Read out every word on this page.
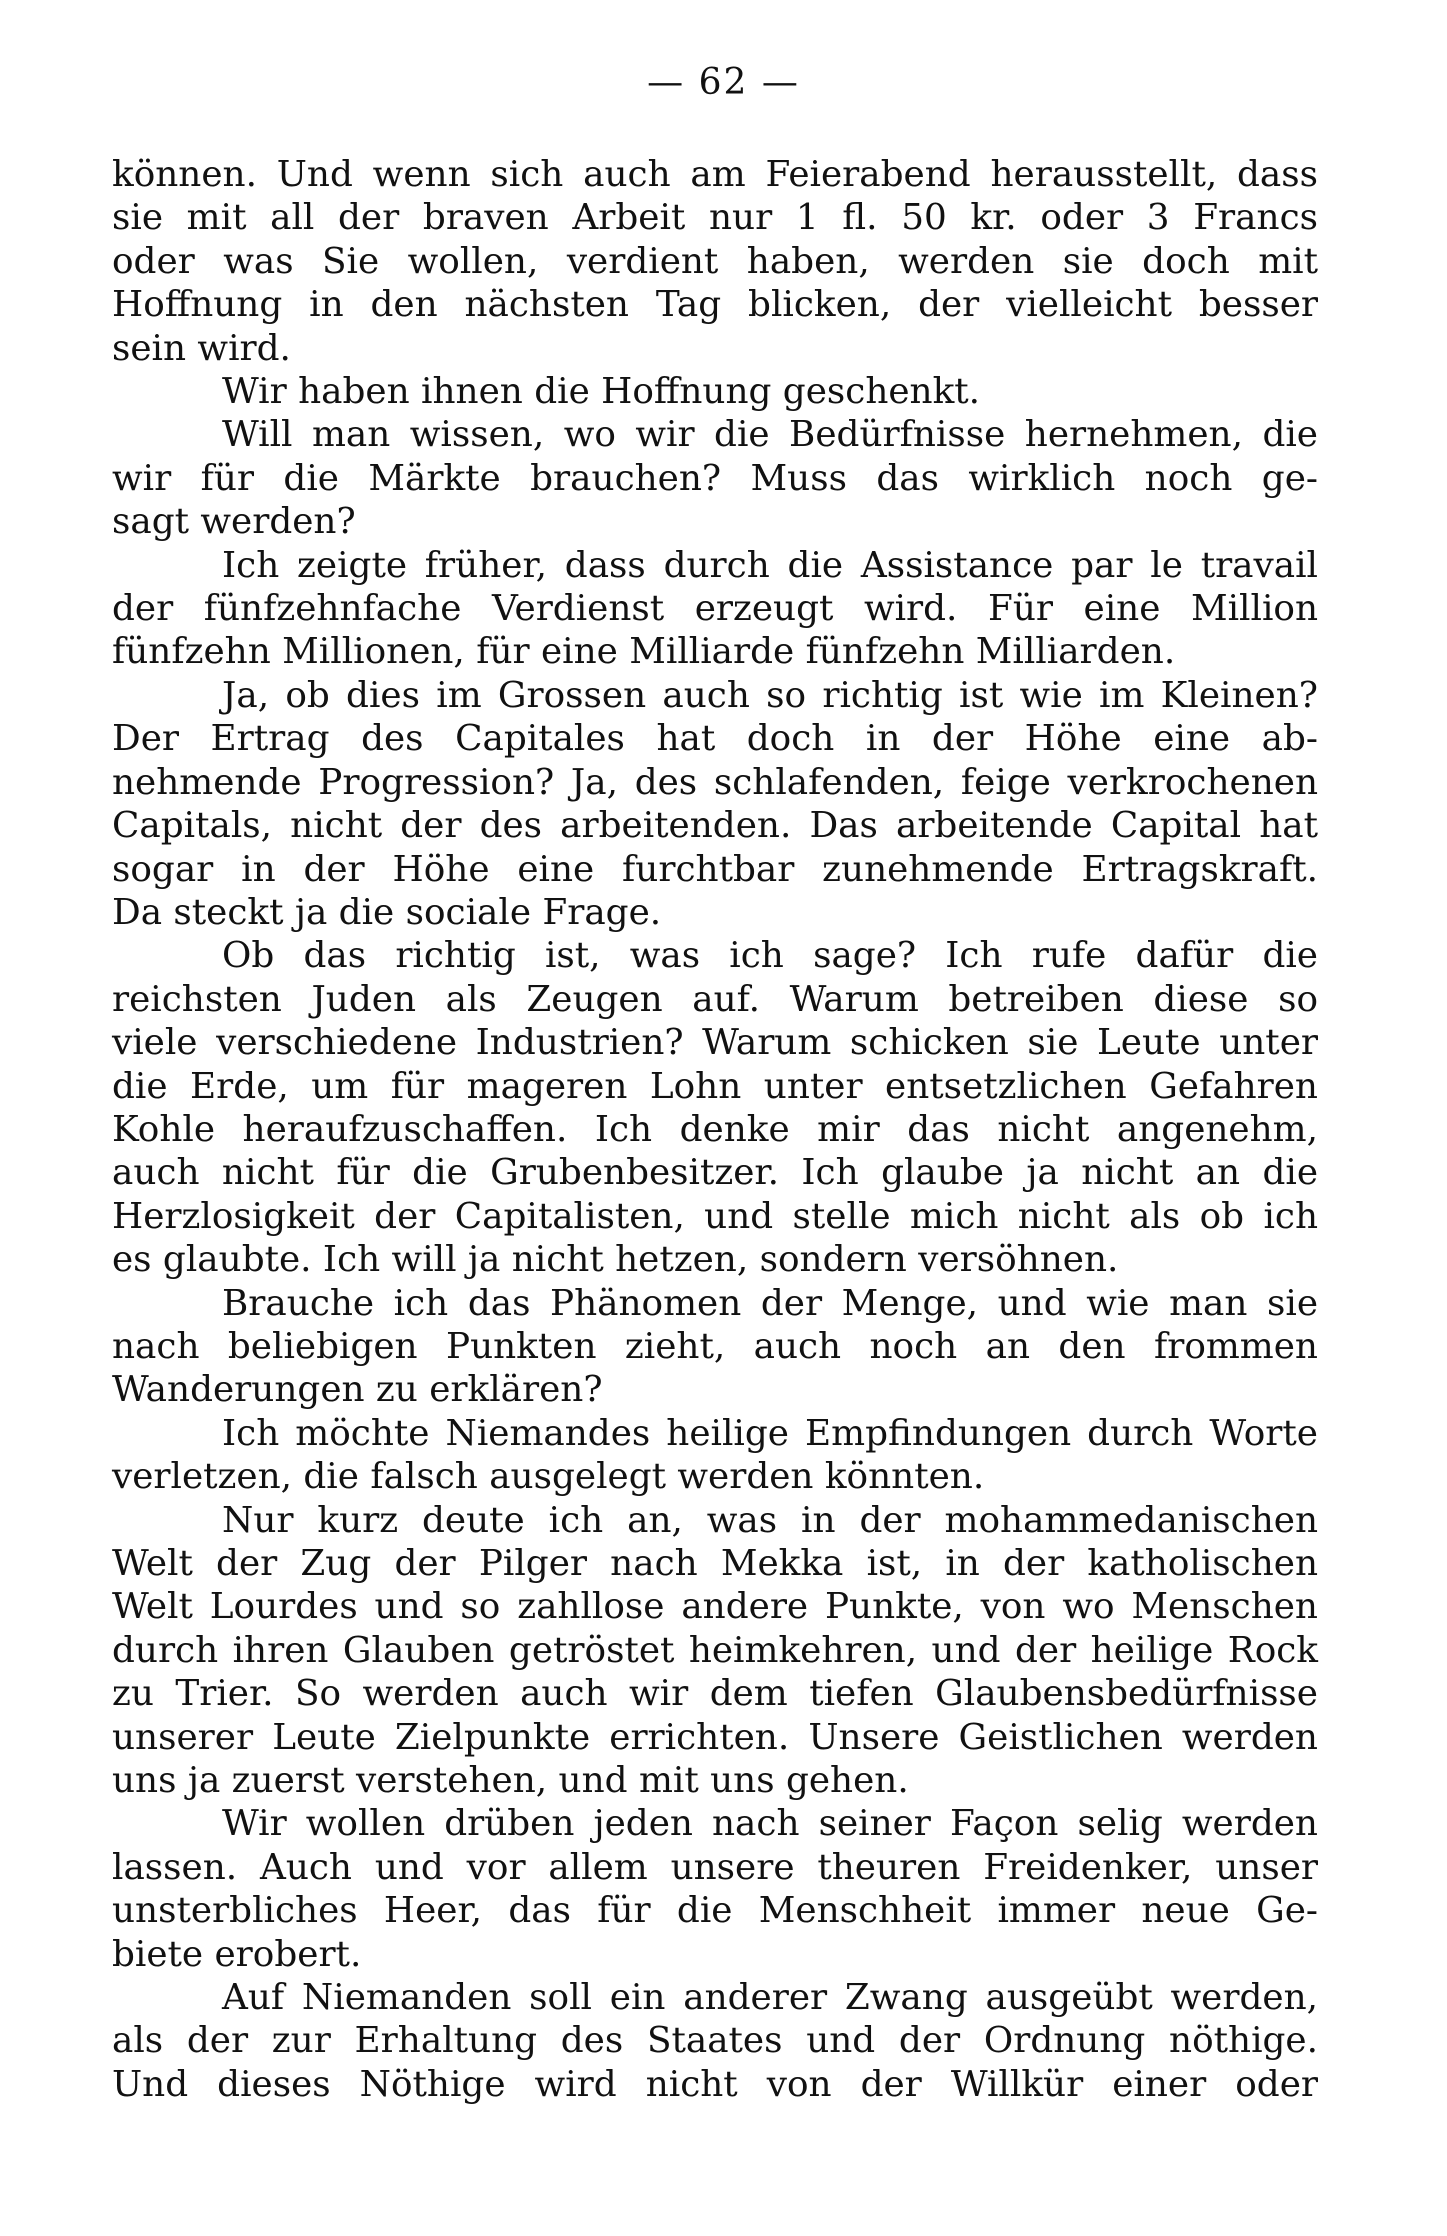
— 62 —
können. Und wenn sich auch am Feierabend herausstellt, dass
sie mit all der braven Arbeit nur 1 fl. 50 kr. oder 3 Francs
oder was Sie wollen, verdient haben, werden sie doch mit
Hoffnung in den nächsten Tag blicken, der vielleicht besser
sein wird.
Wir haben ihnen die Hoffnung geschenkt.
Will man wissen, wo wir die Bedürfnisse hernehmen, die
wir für die Märkte brauchen? Muss das wirklich noch ge-
sagt werden?
Ich zeigte früher, dass durch die Assistance par le travail
der fünfzehnfache Verdienst erzeugt wird. Für eine Million
fünfzehn Millionen, für eine Milliarde fünfzehn Milliarden.
Ja, ob dies im Grossen auch so richtig ist wie im Kleinen?
Der Ertrag des Capitales hat doch in der Höhe eine ab-
nehmende Progression? Ja, des schlafenden, feige verkrochenen
Capitals, nicht der des arbeitenden. Das arbeitende Capital hat
sogar in der Höhe eine furchtbar zunehmende Ertragskraft.
Da steckt ja die sociale Frage.
Ob das richtig ist, was ich sage? Ich rufe dafür die
reichsten Juden als Zeugen auf. Warum betreiben diese so
viele verschiedene Industrien? Warum schicken sie Leute unter
die Erde, um für mageren Lohn unter entsetzlichen Gefahren
Kohle heraufzuschaffen. Ich denke mir das nicht angenehm,
auch nicht für die Grubenbesitzer. Ich glaube ja nicht an die
Herzlosigkeit der Capitalisten, und stelle mich nicht als ob ich
es glaubte. Ich will ja nicht hetzen, sondern versöhnen.
Brauche ich das Phänomen der Menge, und wie man sie
nach beliebigen Punkten zieht, auch noch an den frommen
Wanderungen zu erklären?
Ich möchte Niemandes heilige Empfindungen durch Worte
verletzen, die falsch ausgelegt werden könnten.
Nur kurz deute ich an, was in der mohammedanischen
Welt der Zug der Pilger nach Mekka ist, in der katholischen
Welt Lourdes und so zahllose andere Punkte, von wo Menschen
durch ihren Glauben getröstet heimkehren, und der heilige Rock
zu Trier. So werden auch wir dem tiefen Glaubensbedürfnisse
unserer Leute Zielpunkte errichten. Unsere Geistlichen werden
uns ja zuerst verstehen, und mit uns gehen.
Wir wollen drüben jeden nach seiner Façon selig werden
lassen. Auch und vor allem unsere theuren Freidenker, unser
unsterbliches Heer, das für die Menschheit immer neue Ge-
biete erobert.
Auf Niemanden soll ein anderer Zwang ausgeübt werden,
als der zur Erhaltung des Staates und der Ordnung nöthige.
Und dieses Nöthige wird nicht von der Willkür einer oder
